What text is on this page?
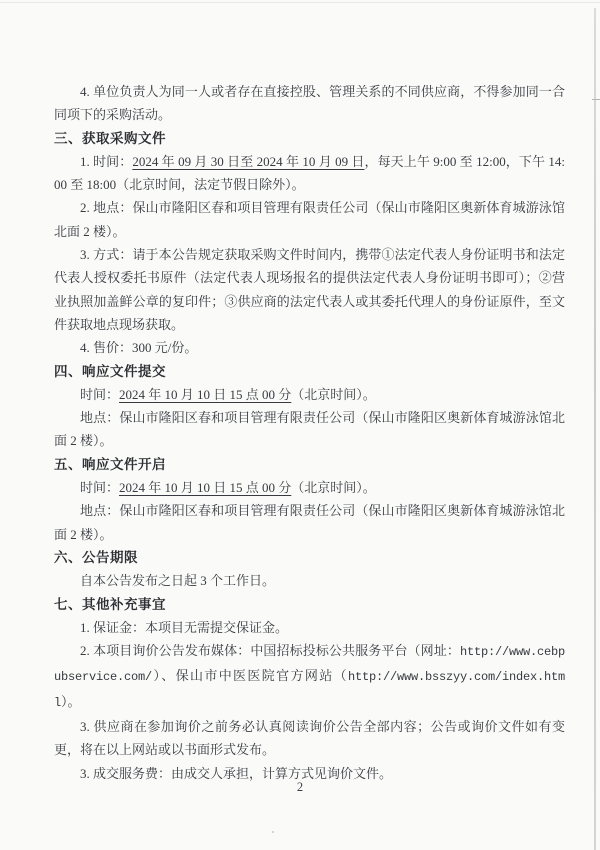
4. 单位负责人为同一人或者存在直接控股、管理关系的不同供应商，不得参加同一合同项下的采购活动。

三、获取采购文件

1. 时间：2024 年 09 月 30 日至 2024 年 10 月 09 日，每天上午 9:00 至 12:00，下午 14:00 至 18:00（北京时间，法定节假日除外）。

2. 地点：保山市隆阳区春和项目管理有限责任公司（保山市隆阳区奥新体育城游泳馆北面 2 楼）。

3. 方式：请于本公告规定获取采购文件时间内，携带①法定代表人身份证明书和法定代表人授权委托书原件（法定代表人现场报名的提供法定代表人身份证明书即可）；②营业执照加盖鲜公章的复印件；③供应商的法定代表人或其委托代理人的身份证原件，至文件获取地点现场获取。

4. 售价：300 元/份。

四、响应文件提交

时间：2024 年 10 月 10 日 15 点 00 分（北京时间）。

地点：保山市隆阳区春和项目管理有限责任公司（保山市隆阳区奥新体育城游泳馆北面 2 楼）。

五、响应文件开启

时间：2024 年 10 月 10 日 15 点 00 分（北京时间）。

地点：保山市隆阳区春和项目管理有限责任公司（保山市隆阳区奥新体育城游泳馆北面 2 楼）。

六、公告期限

自本公告发布之日起 3 个工作日。

七、其他补充事宜

1. 保证金：本项目无需提交保证金。

2. 本项目询价公告发布媒体：中国招标投标公共服务平台（网址：http://www.cebpubservice.com/）、保山市中医医院官方网站（http://www.bsszyy.com/index.html）。

3. 供应商在参加询价之前务必认真阅读询价公告全部内容；公告或询价文件如有变更，将在以上网站或以书面形式发布。

3. 成交服务费：由成交人承担，计算方式见询价文件。

2
